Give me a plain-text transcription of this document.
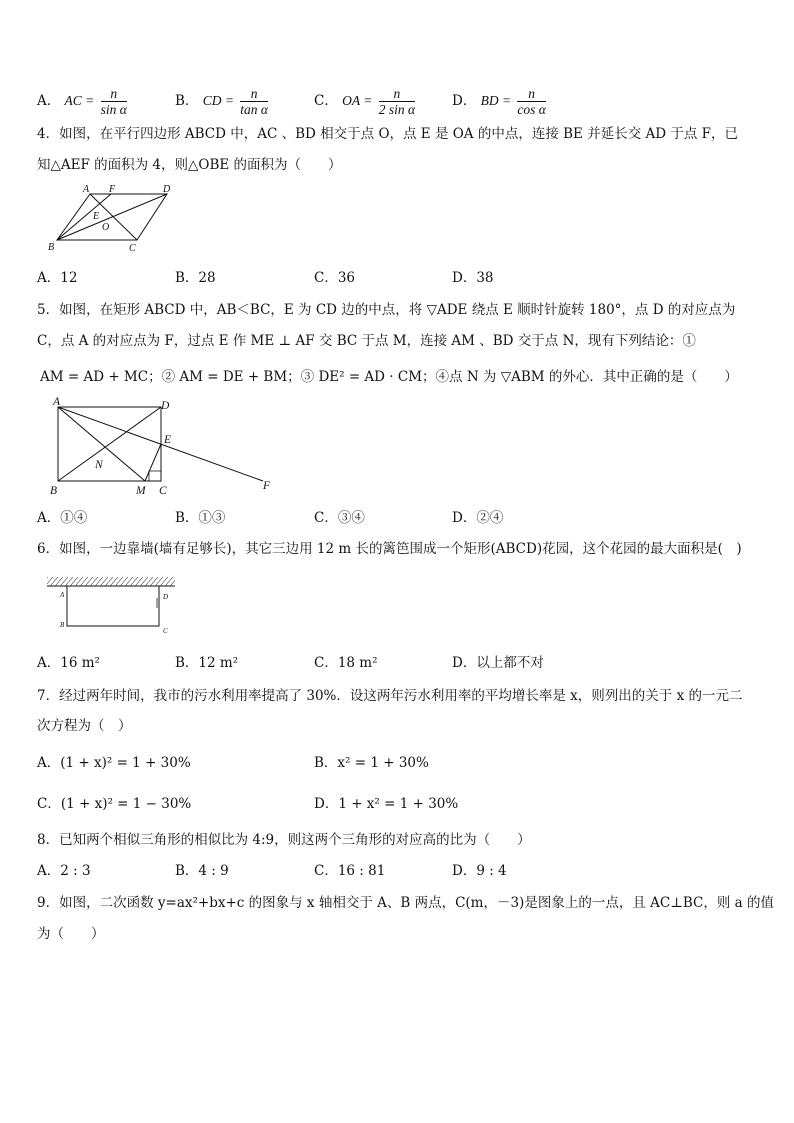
A． AC = $\frac{n}{\text{sin α}}$	B． CD = $\frac{n}{\text{tan α}}$	C． OA = $\frac{n}{\text{2 sin α}}$	D． BD = $\frac{n}{\text{cos α}}$
4．如图，在平行四边形 ABCD 中，AC 、BD 相交于点 O，点 E 是 OA 的中点，连接 BE 并延长交 AD 于点 F，已
知△AEF 的面积为 4，则△OBE 的面积为（　　）
A F	D
E
O
B	C
A．12	B．28	C．36	D．38
5．如图，在矩形 ABCD 中，AB＜BC，E 为 CD 边的中点，将 ▽ADE 绕点 E 顺时针旋转 180°，点 D 的对应点为
C，点 A 的对应点为 F，过点 E 作 ME ⊥ AF 交 BC 于点 M，连接 AM 、BD 交于点 N，现有下列结论：①
AM = AD + MC；② AM = DE + BM；③ DE² = AD · CM；④点 N 为 ▽ABM 的外心．其中正确的是（　　）
A	D
E
N
B	M C	F
A．①④	B．①③	C．③④	D．②④
6．如图，一边靠墙(墙有足够长)，其它三边用 12 m 长的篱笆围成一个矩形(ABCD)花园，这个花园的最大面积是(　)
A
B
C
D
A．16 m²	B．12 m²	C．18 m²	D．以上都不对
7．经过两年时间，我市的污水利用率提高了 30%．设这两年污水利用率的平均增长率是 x，则列出的关于 x 的一元二
次方程为（　）
A．(1 + x)² = 1 + 30%	B．x² = 1 + 30%
C．(1 + x)² = 1 − 30%	D．1 + x² = 1 + 30%
8．已知两个相似三角形的相似比为 4:9，则这两个三角形的对应高的比为（　　）
A．2 : 3	B．4 : 9	C．16 : 81	D．9 : 4
9．如图，二次函数 y=ax²+bx+c 的图象与 x 轴相交于 A、B 两点，C(m，－3)是图象上的一点，且 AC⊥BC，则 a 的值
为（　　）
